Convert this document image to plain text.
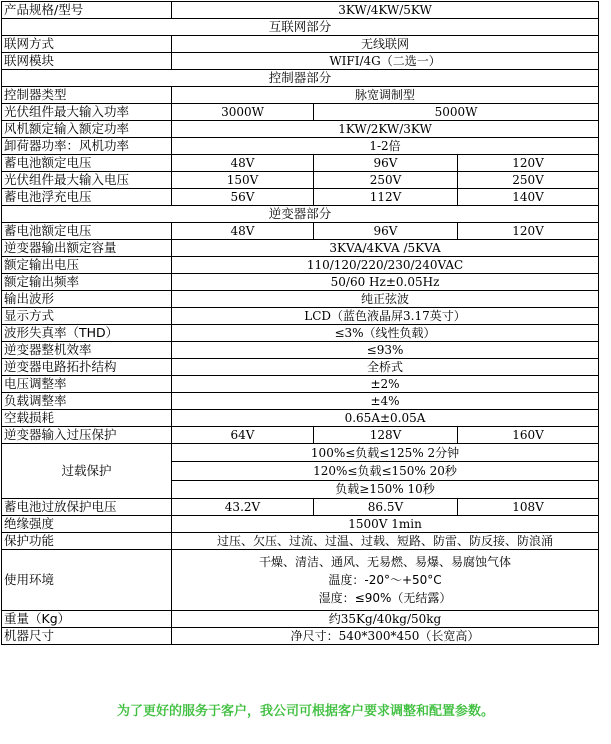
产品规格/型号	3KW/4KW/5KW		
互联网部分			
联网方式	无线联网		
联网模块	WIFI/4G（二选一）		
控制器部分			
控制器类型	脉宽调制型		
光伏组件最大输入功率	3000W	5000W	
风机额定输入额定功率	1KW/2KW/3KW		
卸荷器功率：风机功率	1-2倍		
蓄电池额定电压	48V	96V	120V
光伏组件最大输入电压	150V	250V	250V
蓄电池浮充电压	56V	112V	140V
逆变器部分			
蓄电池额定电压	48V	96V	120V
逆变器输出额定容量	3KVA/4KVA /5KVA		
额定输出电压	110/120/220/230/240VAC		
额定输出频率	50/60 Hz±0.05Hz		
输出波形	纯正弦波		
显示方式	LCD（蓝色液晶屏3.17英寸）		
波形失真率（THD）	≤3%（线性负载）		
逆变器整机效率	≤93%		
逆变器电路拓扑结构	全桥式		
电压调整率	±2%		
负载调整率	±4%		
空载损耗	0.65A±0.05A		
逆变器输入过压保护	64V	128V	160V
过载保护	100%≤负载≤125% 2分钟		
	120%≤负载≤150% 20秒		
	负载≥150% 10秒		
蓄电池过放保护电压	43.2V	86.5V	108V
绝缘强度	1500V 1min		
保护功能	过压、欠压、过流、过温、过载、短路、防雷、防反接、防浪涌		
使用环境	干燥、清洁、通风、无易燃、易爆、易腐蚀气体
温度：-20°～+50°C
湿度：≤90%（无结露）		

重量（Kg）	约35Kg/40kg/50kg		
机器尺寸	净尺寸：540*300*450（长宽高）		
为了更好的服务于客户，我公司可根据客户要求调整和配置参数。
